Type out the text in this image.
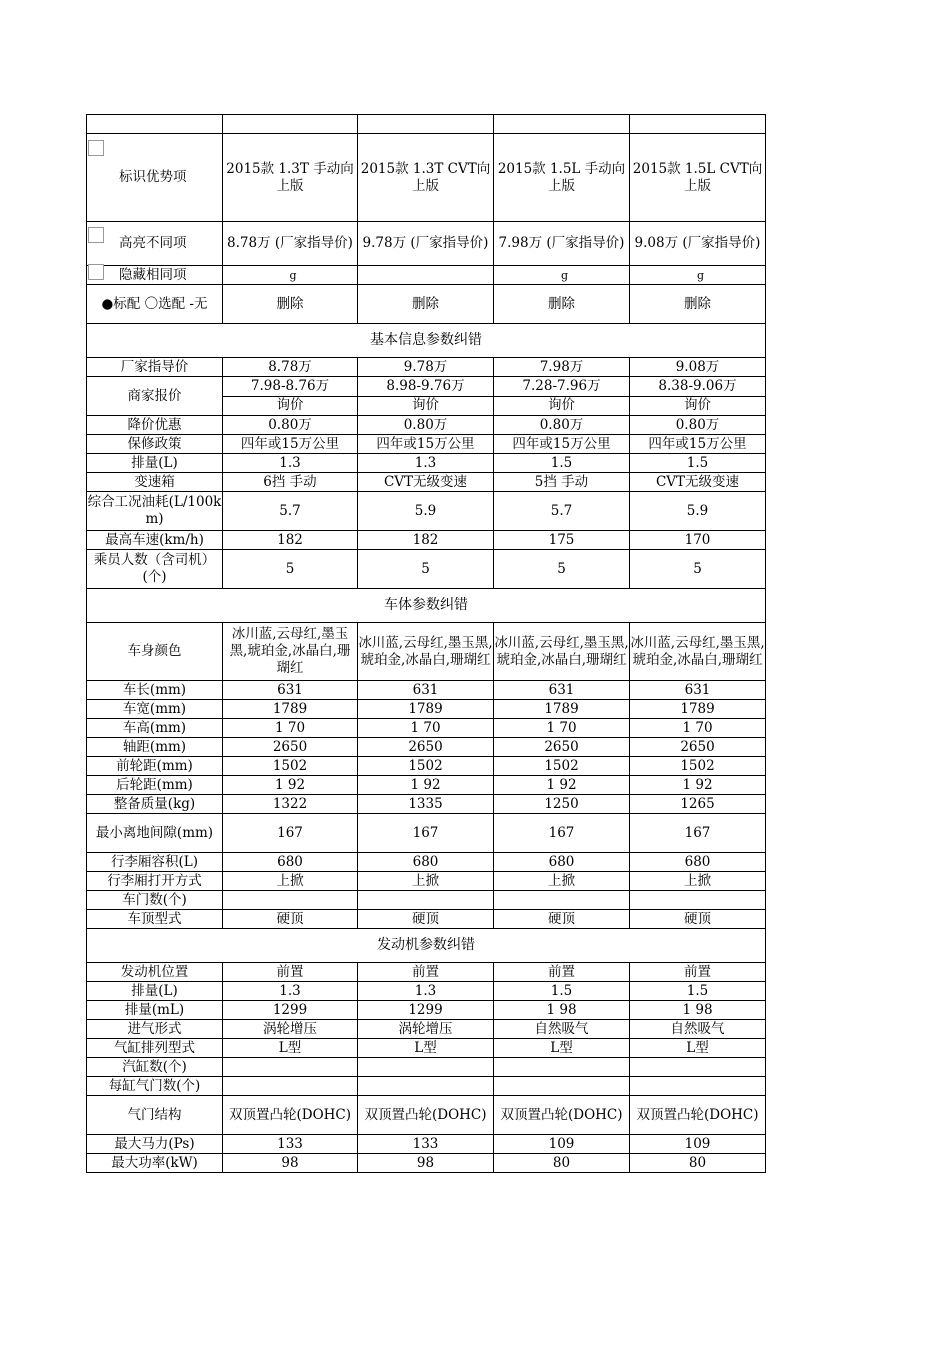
标识优势项	2015款 1.3T 手动向上版	2015款 1.3T CVT向上版	2015款 1.5L 手动向上版	2015款 1.5L CVT向上版

高亮不同项	8.78万 (厂家指导价)	9.78万 (厂家指导价)	7.98万 (厂家指导价)	9.08万 (厂家指导价)

隐藏相同项	g		g	g
●标配 〇选配 -无	删除	删除	删除	删除
基本信息参数纠错				
厂家指导价	8.78万	9.78万	7.98万	9.08万
商家报价	7.98-8.76万	8.98-9.76万	7.28-7.96万	8.38-9.06万
	询价	询价	询价	询价
降价优惠	0.80万	0.80万	0.80万	0.80万
保修政策	四年或15万公里	四年或15万公里	四年或15万公里	四年或15万公里
排量(L)	1.3	1.3	1.5	1.5
变速箱	6挡 手动	CVT无级变速	5挡 手动	CVT无级变速
综合工况油耗(L/100km)	5.7	5.9	5.7	5.9
最高车速(km/h)	182	182	175	170
乘员人数（含司机）(个)	5	5	5	5
车体参数纠错				
车身颜色	冰川蓝,云母红,墨玉黑,琥珀金,冰晶白,珊瑚红	冰川蓝,云母红,墨玉黑,琥珀金,冰晶白,珊瑚红	冰川蓝,云母红,墨玉黑,琥珀金,冰晶白,珊瑚红	冰川蓝,云母红,墨玉黑,琥珀金,冰晶白,珊瑚红
车长(mm)	631	631	631	631
车宽(mm)	1789	1789	1789	1789
车高(mm)	1 70	1 70	1 70	1 70
轴距(mm)	2650	2650	2650	2650
前轮距(mm)	1502	1502	1502	1502
后轮距(mm)	1 92	1 92	1 92	1 92
整备质量(kg)	1322	1335	1250	1265
最小离地间隙(mm)	167	167	167	167
行李厢容积(L)	680	680	680	680
行李厢打开方式	上掀	上掀	上掀	上掀
车门数(个)				
车顶型式	硬顶	硬顶	硬顶	硬顶
发动机参数纠错				
发动机位置	前置	前置	前置	前置
排量(L)	1.3	1.3	1.5	1.5
排量(mL)	1299	1299	1 98	1 98
进气形式	涡轮增压	涡轮增压	自然吸气	自然吸气
气缸排列型式	L型	L型	L型	L型
汽缸数(个)				
每缸气门数(个)				
气门结构	双顶置凸轮(DOHC)	双顶置凸轮(DOHC)	双顶置凸轮(DOHC)	双顶置凸轮(DOHC)
最大马力(Ps)	133	133	109	109
最大功率(kW)	98	98	80	80
